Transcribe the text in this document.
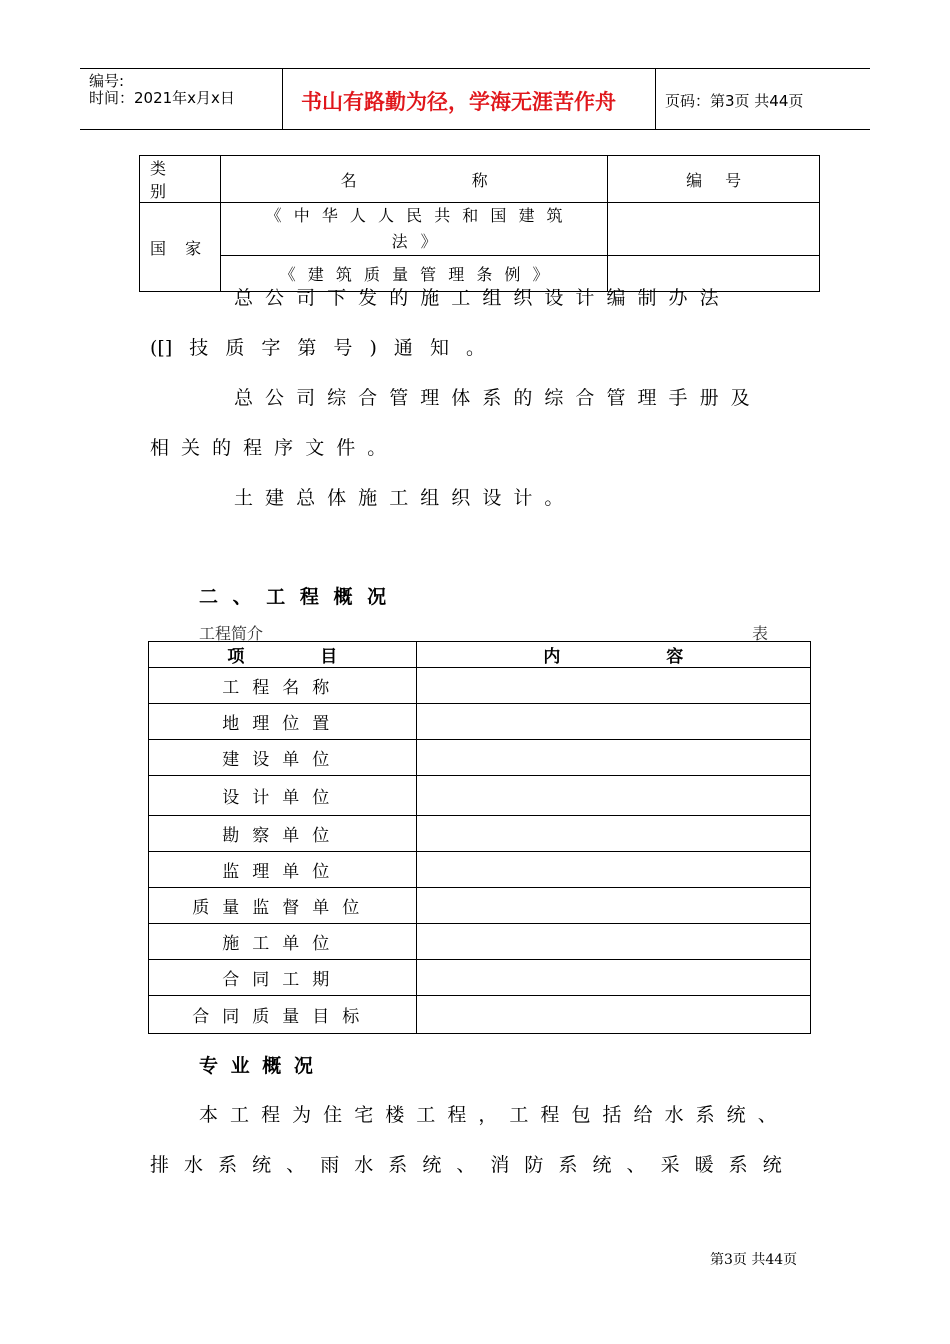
编号:
时间：2021年x月x日	书山有路勤为径，学海无涯苦作舟	页码：第3页 共44页
类 别	名 称	编 号
国 家	《 中 华 人 人 民 共 和 国 建 筑
法 》	

	《 建 筑 质 量 管 理 条 例 》	
总 公 司 下 发 的 施 工 组 织 设 计 编 制 办 法
([] 技 质 字 第 号 ) 通 知 。
总 公 司 综 合 管 理 体 系 的 综 合 管 理 手 册 及
相 关 的 程 序 文 件 。
土 建 总 体 施 工 组 织 设 计 。
二 、 工 程 概 况
工程简介	表
项 目	内 容
工程名称	
地理位置	
建设单位	
设计单位	
勘察单位	
监理单位	
质量监督单位	
施工单位	
合同工期	
合同质量目标	
专 业 概 况
本 工 程 为 住 宅 楼 工 程 ， 工 程 包 括 给 水 系 统 、
排 水 系 统 、 雨 水 系 统 、 消 防 系 统 、 采 暖 系 统
第3页 共44页
